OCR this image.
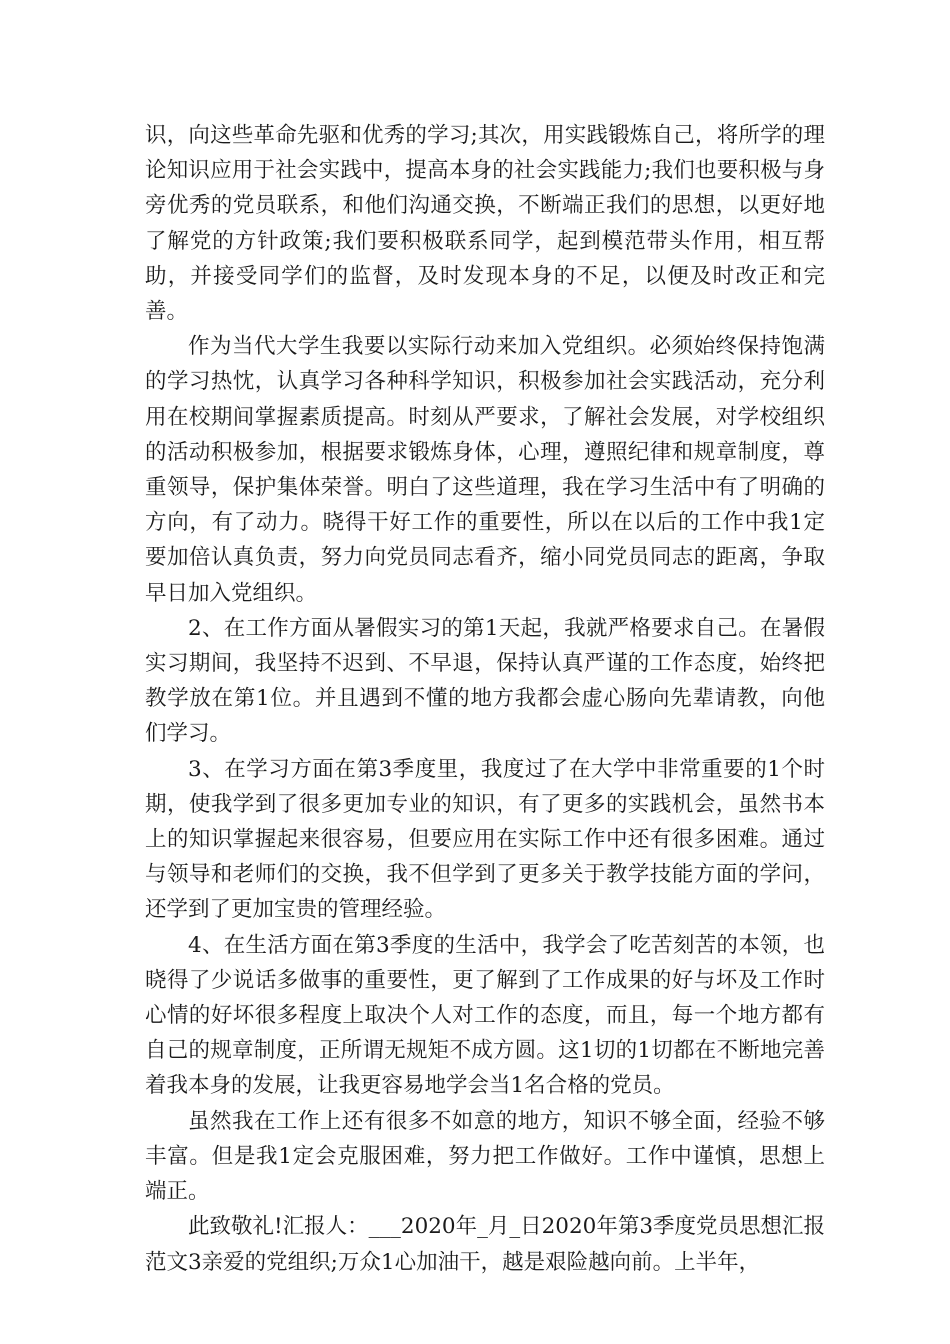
识，向这些革命先驱和优秀的学习;其次，用实践锻炼自己，将所学的理论知识应用于社会实践中，提高本身的社会实践能力;我们也要积极与身旁优秀的党员联系，和他们沟通交换，不断端正我们的思想，以更好地了解党的方针政策;我们要积极联系同学，起到模范带头作用，相互帮助，并接受同学们的监督，及时发现本身的不足，以便及时改正和完善。

作为当代大学生我要以实际行动来加入党组织。必须始终保持饱满的学习热忱，认真学习各种科学知识，积极参加社会实践活动，充分利用在校期间掌握素质提高。时刻从严要求，了解社会发展，对学校组织的活动积极参加，根据要求锻炼身体，心理，遵照纪律和规章制度，尊重领导，保护集体荣誉。明白了这些道理，我在学习生活中有了明确的方向，有了动力。晓得干好工作的重要性，所以在以后的工作中我1定要加倍认真负责，努力向党员同志看齐，缩小同党员同志的距离，争取早日加入党组织。

2、在工作方面从暑假实习的第1天起，我就严格要求自己。在暑假实习期间，我坚持不迟到、不早退，保持认真严谨的工作态度，始终把教学放在第1位。并且遇到不懂的地方我都会虚心肠向先辈请教，向他们学习。

3、在学习方面在第3季度里，我度过了在大学中非常重要的1个时期，使我学到了很多更加专业的知识，有了更多的实践机会，虽然书本上的知识掌握起来很容易，但要应用在实际工作中还有很多困难。通过与领导和老师们的交换，我不但学到了更多关于教学技能方面的学问，还学到了更加宝贵的管理经验。

4、在生活方面在第3季度的生活中，我学会了吃苦刻苦的本领，也晓得了少说话多做事的重要性，更了解到了工作成果的好与坏及工作时心情的好坏很多程度上取决个人对工作的态度，而且，每一个地方都有自己的规章制度，正所谓无规矩不成方圆。这1切的1切都在不断地完善着我本身的发展，让我更容易地学会当1名合格的党员。

虽然我在工作上还有很多不如意的地方，知识不够全面，经验不够丰富。但是我1定会克服困难，努力把工作做好。工作中谨慎，思想上端正。

此致敬礼!汇报人：___2020年_月_日2020年第3季度党员思想汇报范文3亲爱的党组织;万众1心加油干，越是艰险越向前。上半年，
